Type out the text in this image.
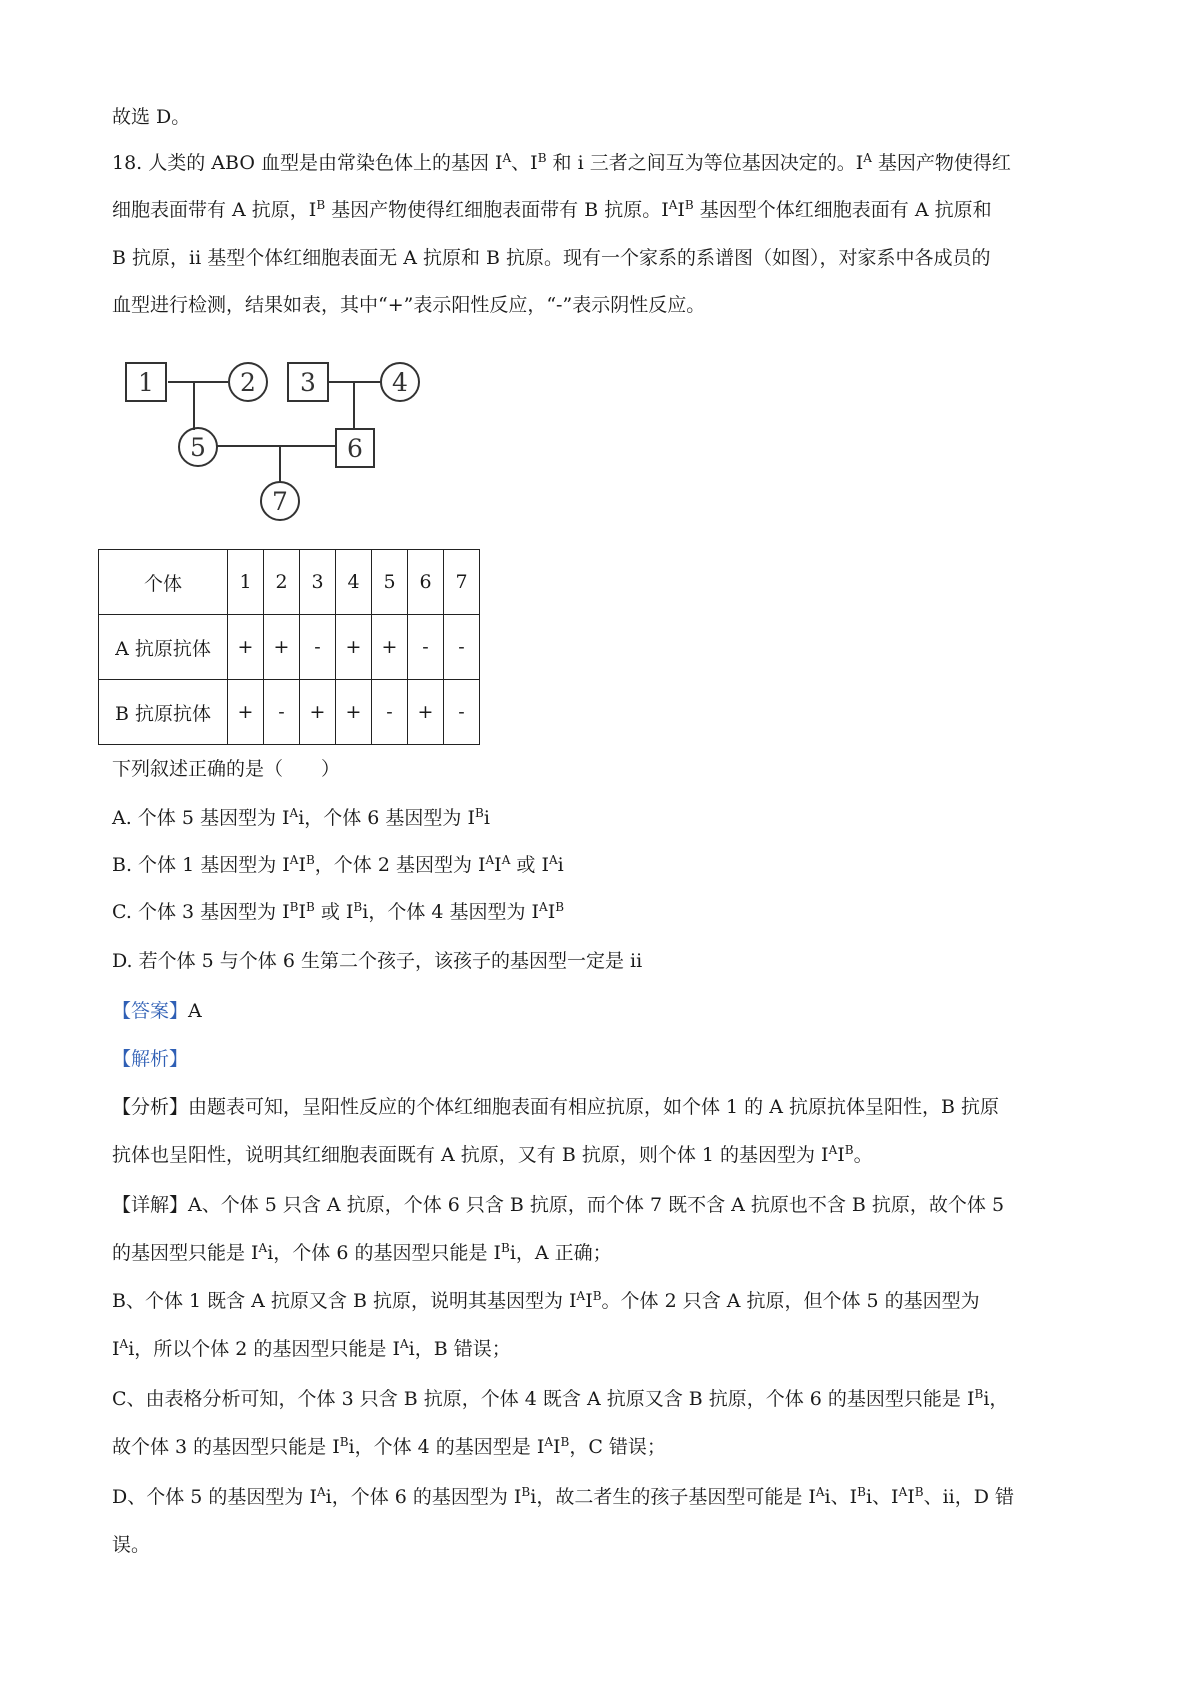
故选 D。
18. 人类的 ABO 血型是由常染色体上的基因 $I^A$、$I^B$ 和 i 三者之间互为等位基因决定的。$I^A$ 基因产物使得红
细胞表面带有 A 抗原，$I^B$ 基因产物使得红细胞表面带有 B 抗原。$I^AI^B$ 基因型个体红细胞表面有 A 抗原和
B 抗原，ii 基型个体红细胞表面无 A 抗原和 B 抗原。现有一个家系的系谱图（如图），对家系中各成员的
血型进行检测，结果如表，其中“+”表示阳性反应，“-”表示阴性反应。
1	2 3	4
5	6
7
个体	1	2	3	4	5	6	7
A 抗原抗体	+	+	-	+	+	-	-
B 抗原抗体	+	-	+	+	-	+	-
下列叙述正确的是（　　）
A. 个体 5 基因型为 $I^Ai$，个体 6 基因型为 $I^Bi$
B. 个体 1 基因型为 $I^AI^B$，个体 2 基因型为 $I^AI^A$ 或 $I^Ai$
C. 个体 3 基因型为 $I^BI^B$ 或 $I^Bi$，个体 4 基因型为 $I^AI^B$
D. 若个体 5 与个体 6 生第二个孩子，该孩子的基因型一定是 ii
【答案】A
【解析】
【分析】由题表可知，呈阳性反应的个体红细胞表面有相应抗原，如个体 1 的 A 抗原抗体呈阳性，B 抗原
抗体也呈阳性，说明其红细胞表面既有 A 抗原，又有 B 抗原，则个体 1 的基因型为 $I^AI^B$。
【详解】A、个体 5 只含 A 抗原，个体 6 只含 B 抗原，而个体 7 既不含 A 抗原也不含 B 抗原，故个体 5
的基因型只能是 $I^Ai$，个体 6 的基因型只能是 $I^Bi$，A 正确；
B、个体 1 既含 A 抗原又含 B 抗原，说明其基因型为 $I^AI^B$。个体 2 只含 A 抗原，但个体 5 的基因型为
$I^Ai$，所以个体 2 的基因型只能是 $I^Ai$，B 错误；
C、由表格分析可知，个体 3 只含 B 抗原，个体 4 既含 A 抗原又含 B 抗原，个体 6 的基因型只能是 $I^Bi$，
故个体 3 的基因型只能是 $I^Bi$，个体 4 的基因型是 $I^AI^B$，C 错误；
D、个体 5 的基因型为 $I^Ai$，个体 6 的基因型为 $I^Bi$，故二者生的孩子基因型可能是 $I^Ai$、$I^Bi$、$I^AI^B$、ii，D 错
误。
